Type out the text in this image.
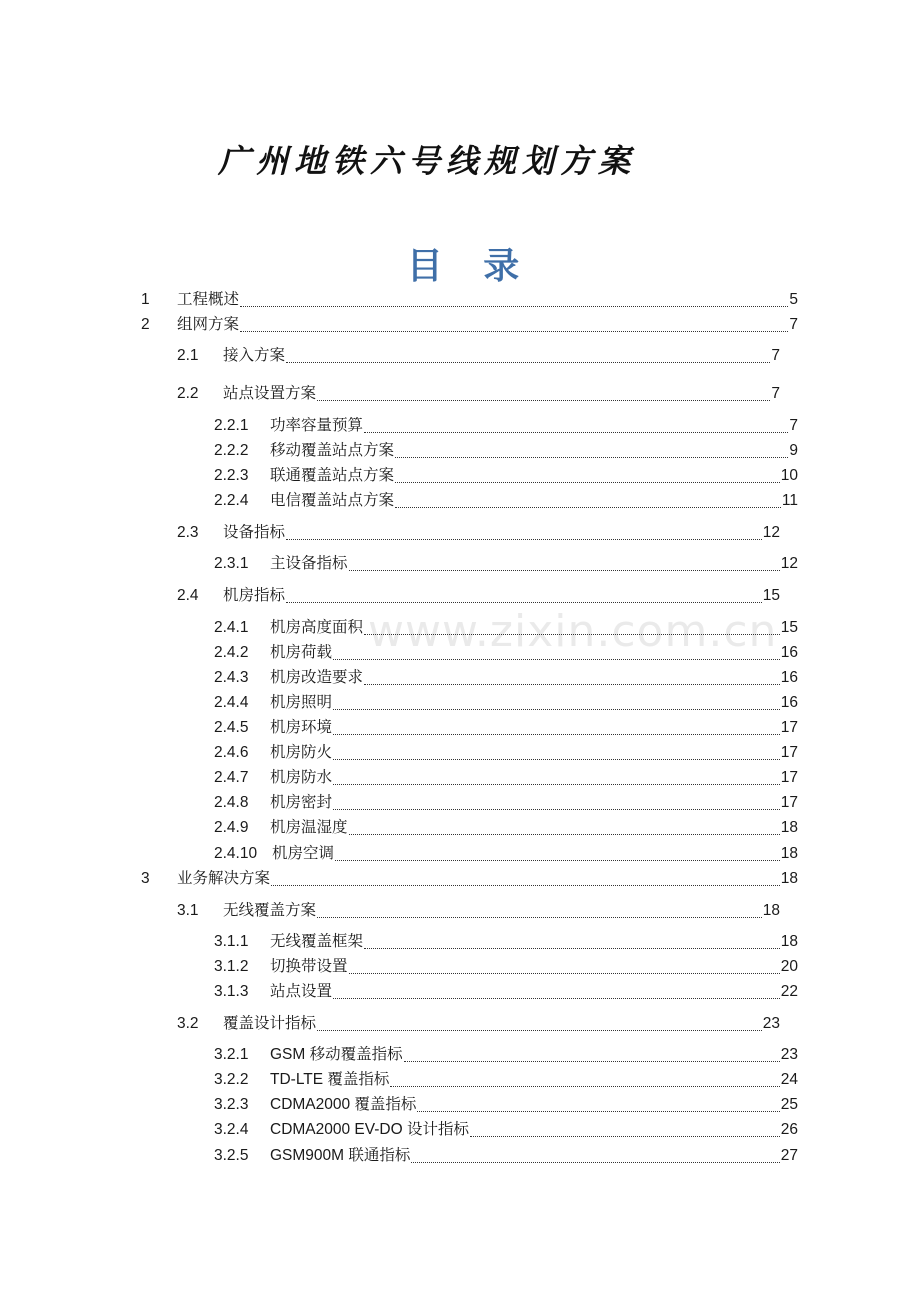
广州地铁六号线规划方案
目 录
www.zixin.com.cn
1	工程概述	5
2	组网方案	7
2.1	接入方案	7
2.2	站点设置方案	7
2.2.1	功率容量预算	7
2.2.2	移动覆盖站点方案	9
2.2.3	联通覆盖站点方案	10
2.2.4	电信覆盖站点方案	11
2.3	设备指标	12
2.3.1	主设备指标	12
2.4	机房指标	15
2.4.1	机房高度面积	15
2.4.2	机房荷载	16
2.4.3	机房改造要求	16
2.4.4	机房照明	16
2.4.5	机房环境	17
2.4.6	机房防火	17
2.4.7	机房防水	17
2.4.8	机房密封	17
2.4.9	机房温湿度	18
2.4.10 机房空调	18
3	业务解决方案	18
3.1	无线覆盖方案	18
3.1.1	无线覆盖框架	18
3.1.2	切换带设置	20
3.1.3	站点设置	22
3.2	覆盖设计指标	23
3.2.1	GSM 移动覆盖指标	23
3.2.2	TD-LTE 覆盖指标	24
3.2.3	CDMA2000 覆盖指标	25
3.2.4	CDMA2000 EV-DO 设计指标	26
3.2.5	GSM900M 联通指标	27
